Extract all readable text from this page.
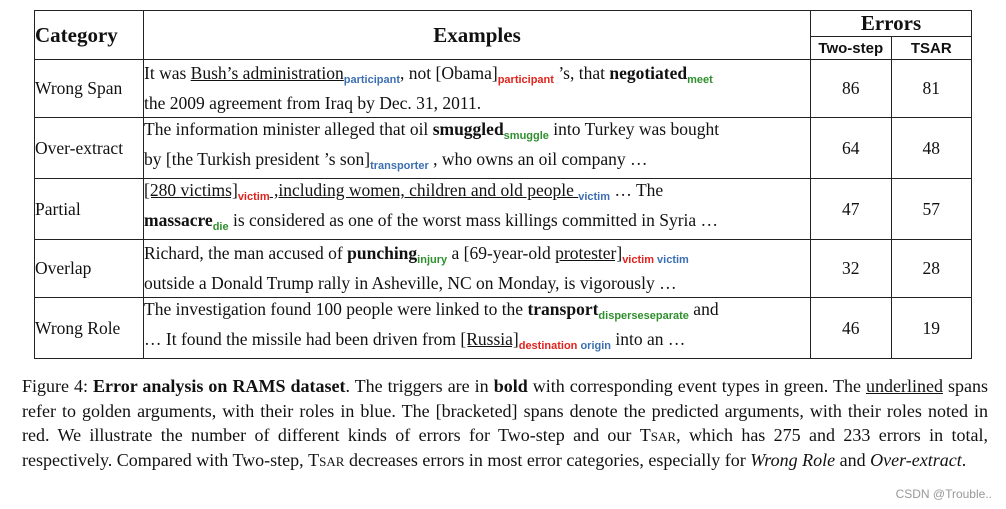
Category	Examples	Errors	
		Two-step	TSAR
Wrong Span	It was Bush’s administration$_{participant}$, not $[Obama]_{participant}$ ’s, that negotiated$_{meet}$
the 2009 agreement from Iraq by Dec. 31, 2011.	86	81
Over-extract	The information minister alleged that oil smuggled$_{smuggle}$ into Turkey was bought
by [the Turkish president ’s $son]_{transporter}$ , who owns an oil company …	64	48
Partial	[280 $victims]_{victim}$ ,including women, children and old people $_{victim}$ … The
massacre$_{die}$ is considered as one of the worst mass killings committed in Syria …	47	57
Overlap	Richard, the man accused of punching$_{injury}$ a [69-year-old $protester]_{victim}$ $_{victim}$
outside a Donald Trump rally in Asheville, NC on Monday, is vigorously …	32	28
Wrong Role	The investigation found 100 people were linked to the transport$_{disperseseparate}$ and
… It found the missile had been driven from $[Russia]_{destination}$ $_{origin}$ into an …	46	19
Figure 4: Error analysis on RAMS dataset. The triggers are in bold with corresponding event types in green. The underlined spans refer to golden arguments, with their roles in blue. The [bracketed] spans denote the predicted arguments, with their roles noted in red. We illustrate the number of different kinds of errors for Two-step and our Tsar, which has 275 and 233 errors in total, respectively. Compared with Two-step, Tsar decreases errors in most error categories, especially for Wrong Role and Over-extract.
CSDN @Trouble..
